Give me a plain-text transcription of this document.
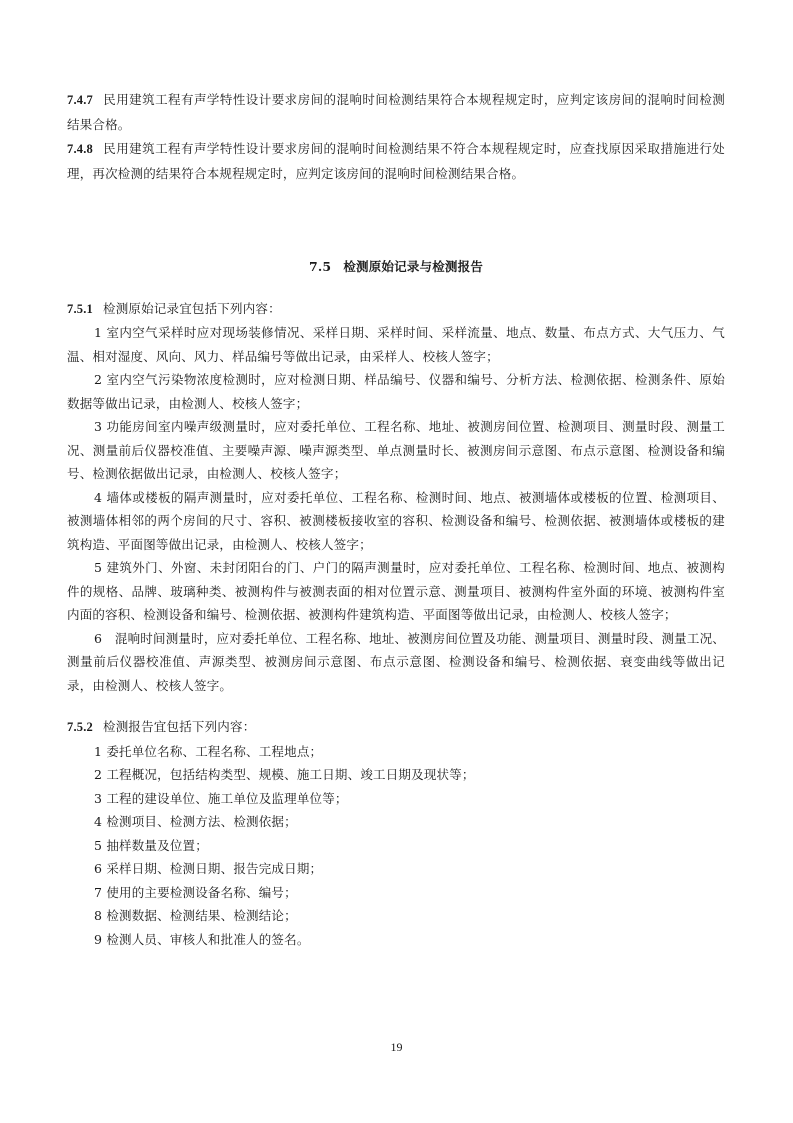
7.4.7 民用建筑工程有声学特性设计要求房间的混响时间检测结果符合本规程规定时，应判定该房间的混响时间检测结果合格。

7.4.8 民用建筑工程有声学特性设计要求房间的混响时间检测结果不符合本规程规定时，应查找原因采取措施进行处理，再次检测的结果符合本规程规定时，应判定该房间的混响时间检测结果合格。

7.5 检测原始记录与检测报告

7.5.1 检测原始记录宜包括下列内容：

1 室内空气采样时应对现场装修情况、采样日期、采样时间、采样流量、地点、数量、布点方式、大气压力、气温、相对湿度、风向、风力、样品编号等做出记录，由采样人、校核人签字；

2 室内空气污染物浓度检测时，应对检测日期、样品编号、仪器和编号、分析方法、检测依据、检测条件、原始数据等做出记录，由检测人、校核人签字；

3 功能房间室内噪声级测量时，应对委托单位、工程名称、地址、被测房间位置、检测项目、测量时段、测量工况、测量前后仪器校准值、主要噪声源、噪声源类型、单点测量时长、被测房间示意图、布点示意图、检测设备和编号、检测依据做出记录，由检测人、校核人签字；

4 墙体或楼板的隔声测量时，应对委托单位、工程名称、检测时间、地点、被测墙体或楼板的位置、检测项目、被测墙体相邻的两个房间的尺寸、容积、被测楼板接收室的容积、检测设备和编号、检测依据、被测墙体或楼板的建筑构造、平面图等做出记录，由检测人、校核人签字；

5 建筑外门、外窗、未封闭阳台的门、户门的隔声测量时，应对委托单位、工程名称、检测时间、地点、被测构件的规格、品牌、玻璃种类、被测构件与被测表面的相对位置示意、测量项目、被测构件室外面的环境、被测构件室内面的容积、检测设备和编号、检测依据、被测构件建筑构造、平面图等做出记录，由检测人、校核人签字；

6　混响时间测量时，应对委托单位、工程名称、地址、被测房间位置及功能、测量项目、测量时段、测量工况、测量前后仪器校准值、声源类型、被测房间示意图、布点示意图、检测设备和编号、检测依据、衰变曲线等做出记录，由检测人、校核人签字。

7.5.2 检测报告宜包括下列内容：

1 委托单位名称、工程名称、工程地点；

2 工程概况，包括结构类型、规模、施工日期、竣工日期及现状等；

3 工程的建设单位、施工单位及监理单位等；

4 检测项目、检测方法、检测依据；

5 抽样数量及位置；

6 采样日期、检测日期、报告完成日期；

7 使用的主要检测设备名称、编号；

8 检测数据、检测结果、检测结论；

9 检测人员、审核人和批准人的签名。

19
